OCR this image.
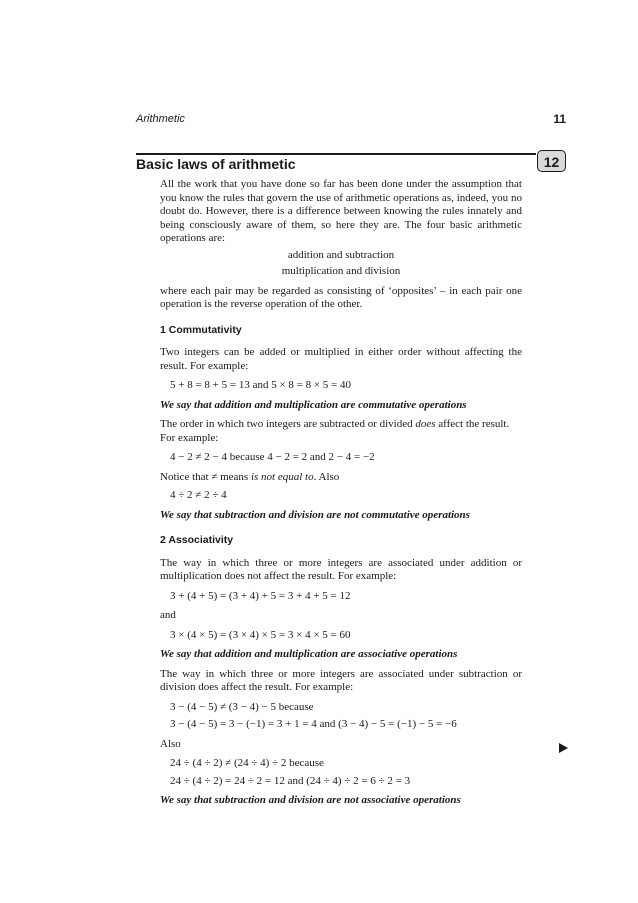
Arithmetic	11
Basic laws of arithmetic	12

All the work that you have done so far has been done under the assumption that you know the rules that govern the use of arithmetic operations as, indeed, you no doubt do. However, there is a difference between knowing the rules innately and being consciously aware of them, so here they are. The four basic arithmetic operations are:

addition and subtraction

multiplication and division

where each pair may be regarded as consisting of ‘opposites’ – in each pair one operation is the reverse operation of the other.

1 Commutativity

Two integers can be added or multiplied in either order without affecting the result. For example:

5 + 8 = 8 + 5 = 13 and 5 × 8 = 8 × 5 = 40

We say that addition and multiplication are commutative operations

The order in which two integers are subtracted or divided does affect the result. For example:

4 − 2 ≠ 2 − 4 because 4 − 2 = 2 and 2 − 4 = −2

Notice that ≠ means is not equal to. Also

4 ÷ 2 ≠ 2 ÷ 4

We say that subtraction and division are not commutative operations

2 Associativity

The way in which three or more integers are associated under addition or multiplication does not affect the result. For example:

3 + (4 + 5) = (3 + 4) + 5 = 3 + 4 + 5 = 12

and

3 × (4 × 5) = (3 × 4) × 5 = 3 × 4 × 5 = 60

We say that addition and multiplication are associative operations

The way in which three or more integers are associated under subtraction or division does affect the result. For example:

3 − (4 − 5) ≠ (3 − 4) − 5 because

3 − (4 − 5) = 3 − (−1) = 3 + 1 = 4 and (3 − 4) − 5 = (−1) − 5 = −6

Also

24 ÷ (4 ÷ 2) ≠ (24 ÷ 4) ÷ 2 because

24 ÷ (4 ÷ 2) = 24 ÷ 2 = 12 and (24 ÷ 4) ÷ 2 = 6 ÷ 2 = 3

We say that subtraction and division are not associative operations
